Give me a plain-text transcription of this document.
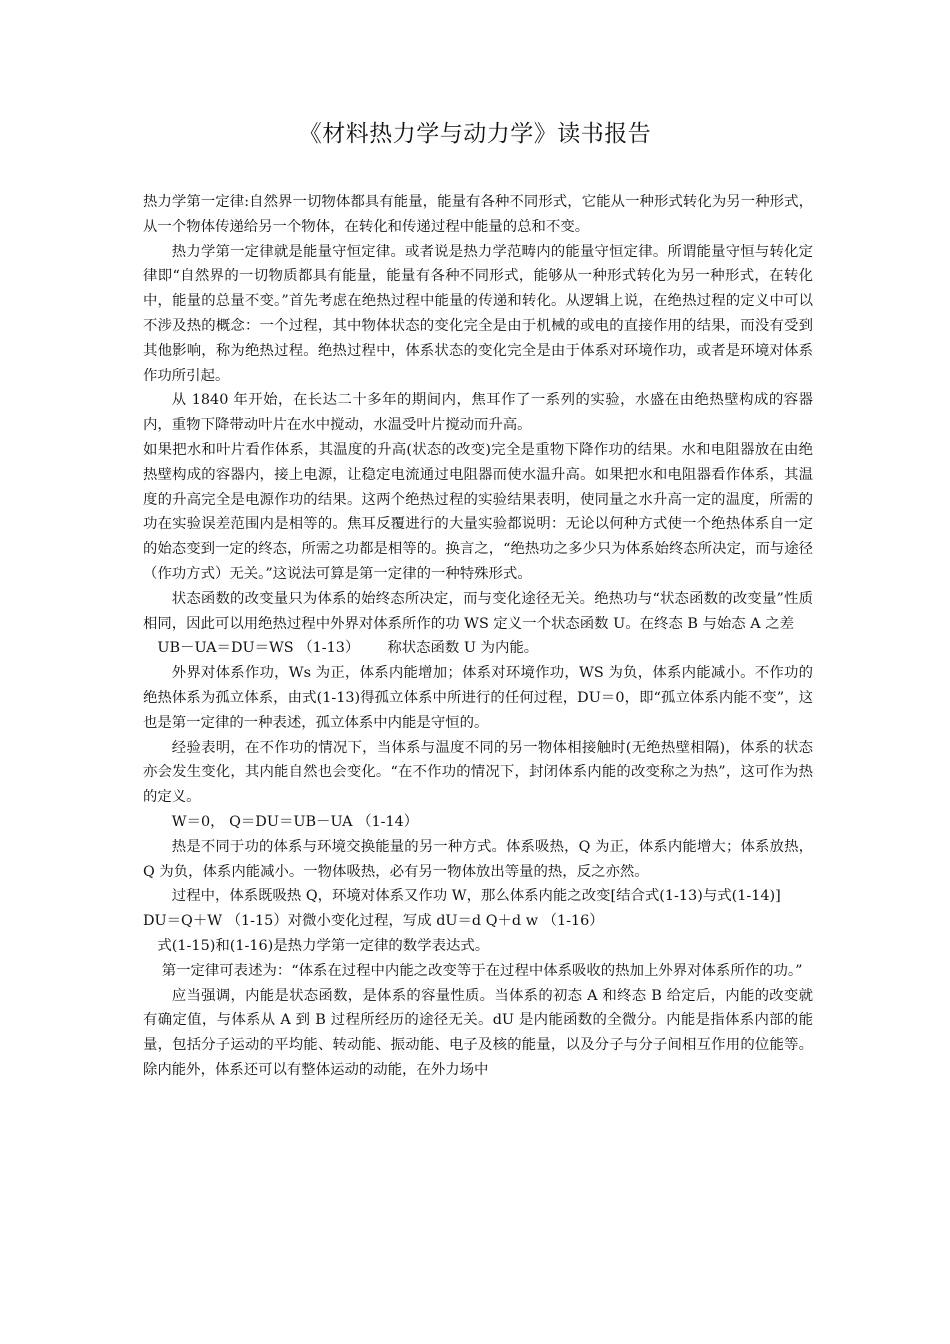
《材料热力学与动力学》读书报告

热力学第一定律:自然界一切物体都具有能量，能量有各种不同形式，它能从一种形式转化为另一种形式，从一个物体传递给另一个物体，在转化和传递过程中能量的总和不变。

热力学第一定律就是能量守恒定律。或者说是热力学范畴内的能量守恒定律。所谓能量守恒与转化定律即“自然界的一切物质都具有能量，能量有各种不同形式，能够从一种形式转化为另一种形式，在转化中，能量的总量不变。”首先考虑在绝热过程中能量的传递和转化。从逻辑上说，在绝热过程的定义中可以不涉及热的概念：一个过程，其中物体状态的变化完全是由于机械的或电的直接作用的结果，而没有受到其他影响，称为绝热过程。绝热过程中，体系状态的变化完全是由于体系对环境作功，或者是环境对体系作功所引起。

从 1840 年开始，在长达二十多年的期间内，焦耳作了一系列的实验，水盛在由绝热壁构成的容器内，重物下降带动叶片在水中搅动，水温受叶片搅动而升高。

如果把水和叶片看作体系，其温度的升高(状态的改变)完全是重物下降作功的结果。水和电阻器放在由绝热壁构成的容器内，接上电源，让稳定电流通过电阻器而使水温升高。如果把水和电阻器看作体系，其温度的升高完全是电源作功的结果。这两个绝热过程的实验结果表明，使同量之水升高一定的温度，所需的功在实验误差范围内是相等的。焦耳反覆进行的大量实验都说明：无论以何种方式使一个绝热体系自一定的始态变到一定的终态，所需之功都是相等的。换言之，“绝热功之多少只为体系始终态所决定，而与途径（作功方式）无关。”这说法可算是第一定律的一种特殊形式。

状态函数的改变量只为体系的始终态所决定，而与变化途径无关。绝热功与“状态函数的改变量”性质相同，因此可以用绝热过程中外界对体系所作的功 WS 定义一个状态函数 U。在终态 B 与始态 A 之差

UB－UA＝DU＝WS （1-13） 称状态函数 U 为内能。

外界对体系作功，Ws 为正，体系内能增加；体系对环境作功，WS 为负，体系内能减小。不作功的绝热体系为孤立体系，由式(1-13)得孤立体系中所进行的任何过程，DU＝0，即“孤立体系内能不变”，这也是第一定律的一种表述，孤立体系中内能是守恒的。

经验表明，在不作功的情况下，当体系与温度不同的另一物体相接触时(无绝热壁相隔)，体系的状态亦会发生变化，其内能自然也会变化。“在不作功的情况下，封闭体系内能的改变称之为热”，这可作为热的定义。

W＝0， Q＝DU＝UB－UA （1-14）

热是不同于功的体系与环境交换能量的另一种方式。体系吸热，Q 为正，体系内能增大；体系放热，Q 为负，体系内能减小。一物体吸热，必有另一物体放出等量的热，反之亦然。

过程中，体系既吸热 Q，环境对体系又作功 W，那么体系内能之改变[结合式(1-13)与式(1-14)]

DU＝Q＋W （1-15）对微小变化过程，写成 dU＝d Q＋d w （1-16）

式(1-15)和(1-16)是热力学第一定律的数学表达式。

第一定律可表述为：“体系在过程中内能之改变等于在过程中体系吸收的热加上外界对体系所作的功。”

应当强调，内能是状态函数，是体系的容量性质。当体系的初态 A 和终态 B 给定后，内能的改变就有确定值，与体系从 A 到 B 过程所经历的途径无关。dU 是内能函数的全微分。内能是指体系内部的能量，包括分子运动的平均能、转动能、振动能、电子及核的能量，以及分子与分子间相互作用的位能等。除内能外，体系还可以有整体运动的动能，在外力场中
